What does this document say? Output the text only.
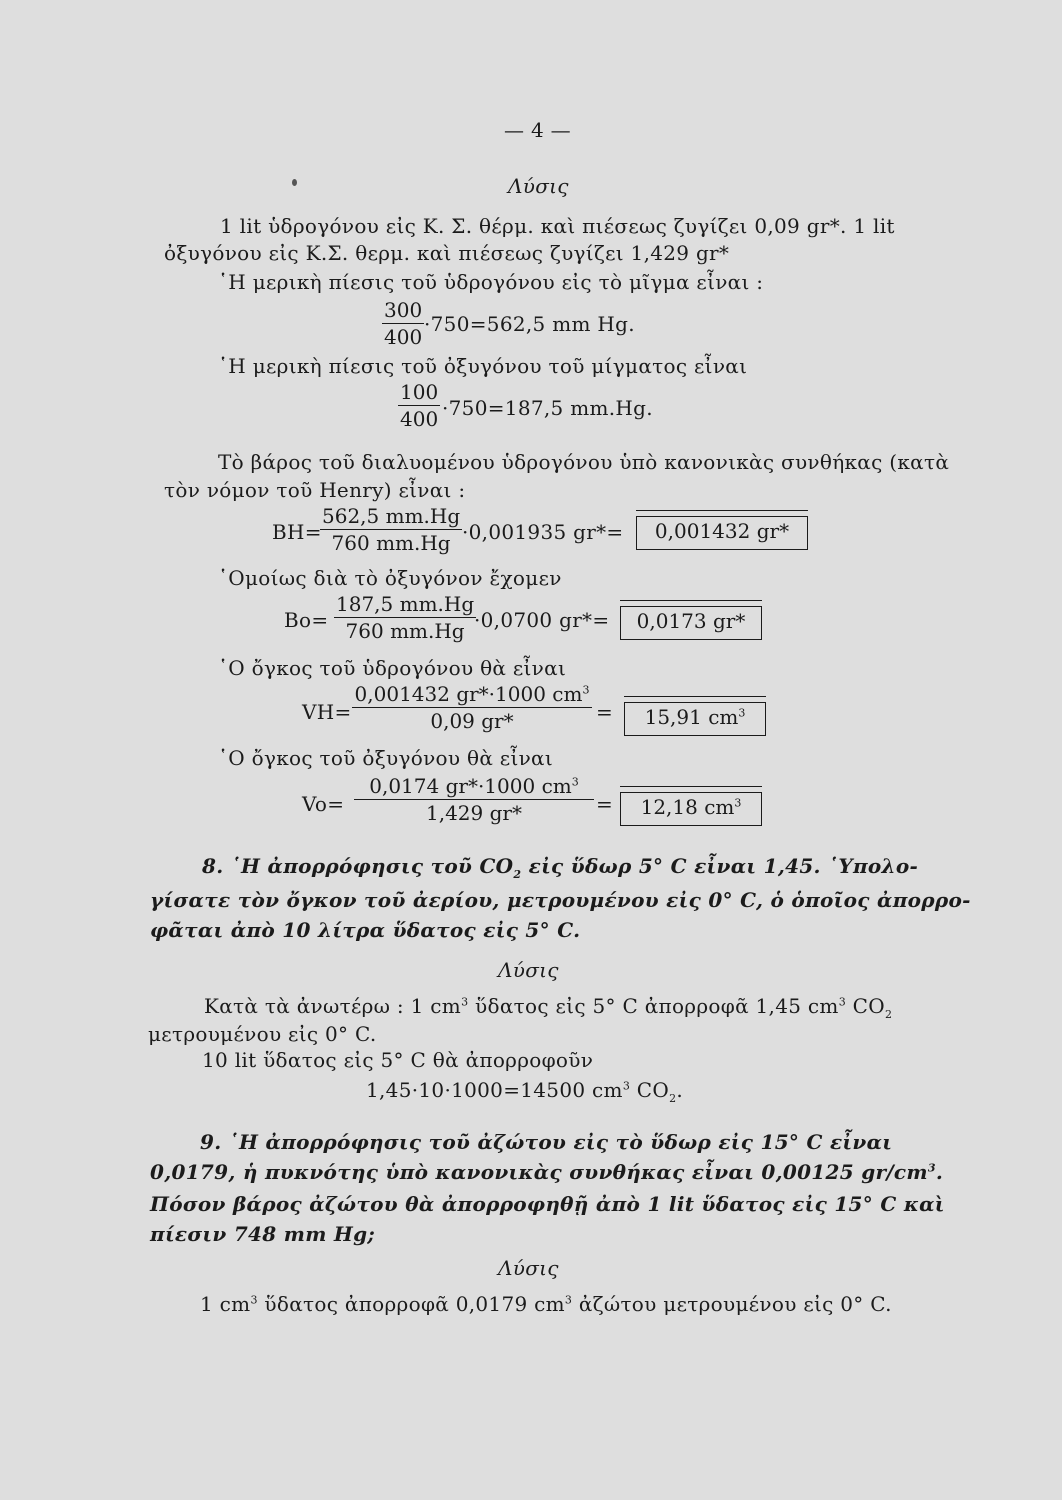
— 4 —
Λύσις
1 lit ὑδρογόνου εἰς Κ. Σ. θέρμ. καὶ πιέσεως ζυγίζει 0,09 gr*. 1 lit
ὀξυγόνου εἰς Κ.Σ. θερμ. καὶ πιέσεως ζυγίζει 1,429 gr*
῾Η μερικὴ πίεσις τοῦ ὑδρογόνου εἰς τὸ μῖγμα εἶναι :
$\frac{300}{400} \cdot 750=562,5$ mm Hg.
῾Η μερικὴ πίεσις τοῦ ὀξυγόνου τοῦ μίγματος εἶναι
$\frac{100}{400} \cdot 750=187,5$ mm.Hg.
Τὸ βάρος τοῦ διαλυομένου ὑδρογόνου ὑπὸ κανονικὰς συνθήκας (κατὰ
τὸν νόμον τοῦ Henry) εἶναι :
BH=
$\frac{562,5 mm.Hg}{760 mm.Hg} \cdot 0,001935$ gr*=	0,001432 gr*
῾Ομοίως διὰ τὸ ὀξυγόνον ἔχομεν
$Bo= \frac{187,5 mm.Hg}{760 mm.Hg}$
·0,0700 gr*=	0,0173 gr*
῾Ο ὄγκος τοῦ ὑδρογόνου θὰ εἶναι
$VH= \frac{0,001432 gr*\cdot 1000 cm^3}{0,09 gr*}$ =	15,91 $cm^3$
῾Ο ὄγκος τοῦ ὀξυγόνου θὰ εἶναι
$Vo= \frac{0,0174 gr*\cdot 1000 cm^3}{1,429 gr*}$ =	12,18 $cm^3$
8. ῾Η ἀπορρόφησις τοῦ $CO_2$ εἰς ὕδωρ 5° C εἶναι 1,45. ῾Υπολο-
γίσατε τὸν ὄγκον τοῦ ἀερίου, μετρουμένου εἰς 0° C, ὁ ὁποῖος ἀπορρο-
φᾶται ἀπὸ 10 λίτρα ὕδατος εἰς 5° C.
Λύσις
Κατὰ τὰ ἀνωτέρω : 1 $cm^3$ ὕδατος εἰς 5° C ἀπορροφᾶ 1,45 $cm^3$ $CO_2$
μετρουμένου εἰς 0° C.
10 lit ὕδατος εἰς 5° C θὰ ἀπορροφοῦν
1,45·10·1000=14500 $cm^3$ $CO_2$.
9. ῾Η ἀπορρόφησις τοῦ ἀζώτου εἰς τὸ ὕδωρ εἰς 15° C εἶναι
0,0179, ἡ πυκνότης ὑπὸ κανονικὰς συνθήκας εἶναι 0,00125 $gr/cm^3$.
Πόσον βάρος ἀζώτου θὰ ἀπορροφηθῇ ἀπὸ 1 lit ὕδατος εἰς 15° C καὶ
πίεσιν 748 mm Hg;
Λύσις
1 $cm^3$ ὕδατος ἀπορροφᾶ 0,0179 $cm^3$ ἀζώτου μετρουμένου εἰς 0° C.
